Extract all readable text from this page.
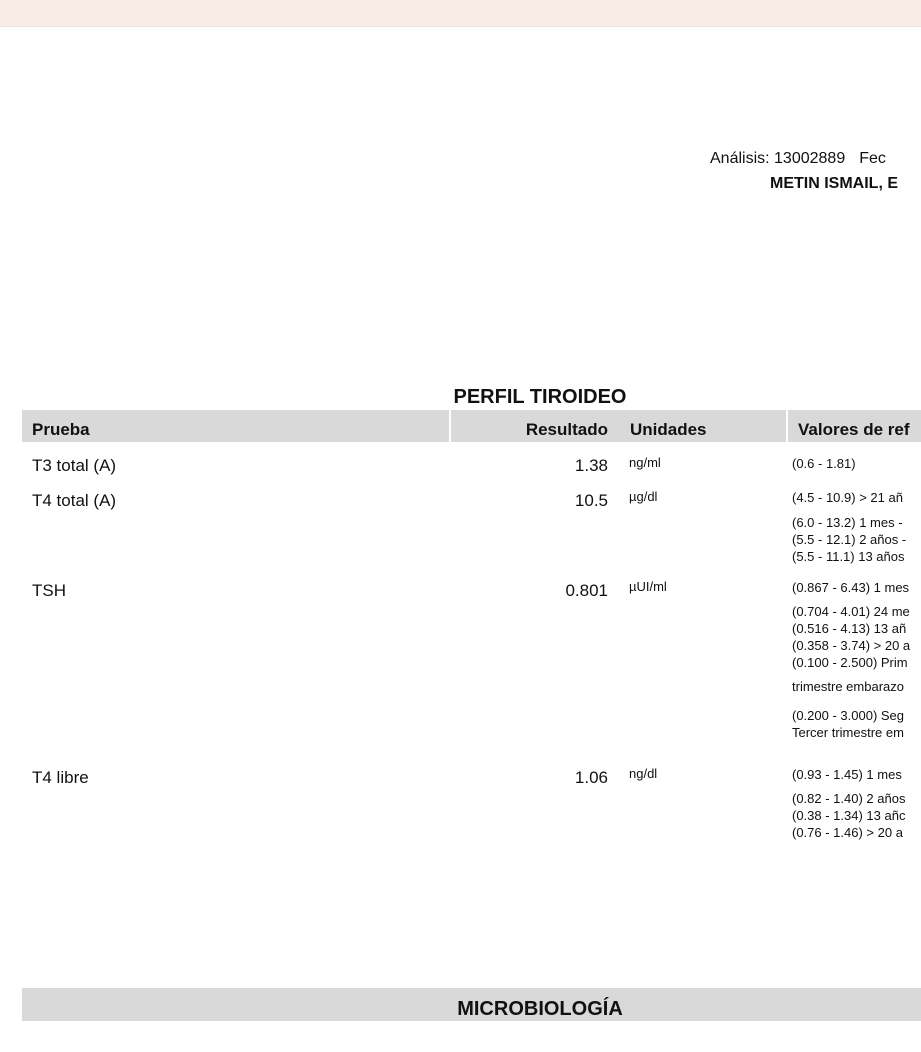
Análisis: 13002889 Fec
METIN ISMAIL, E
PERFIL TIROIDEO
Prueba	Resultado Unidades	Valores de ref
T3 total (A)	1.38 ng/ml	(0.6 - 1.81)
T4 total (A)	10.5 µg/dl	(4.5 - 10.9) > 21 añ
(6.0 - 13.2) 1 mes -
(5.5 - 12.1) 2 años -
(5.5 - 11.1) 13 años
TSH	0.801 µUI/ml	(0.867 - 6.43) 1 mes
(0.704 - 4.01) 24 me
(0.516 - 4.13) 13 añ
(0.358 - 3.74) > 20 a
(0.100 - 2.500) Prim
trimestre embarazo
(0.200 - 3.000) Seg
Tercer trimestre em
T4 libre	1.06 ng/dl	(0.93 - 1.45) 1 mes
(0.82 - 1.40) 2 años
(0.38 - 1.34) 13 añc
(0.76 - 1.46) > 20 a
MICROBIOLOGÍA
